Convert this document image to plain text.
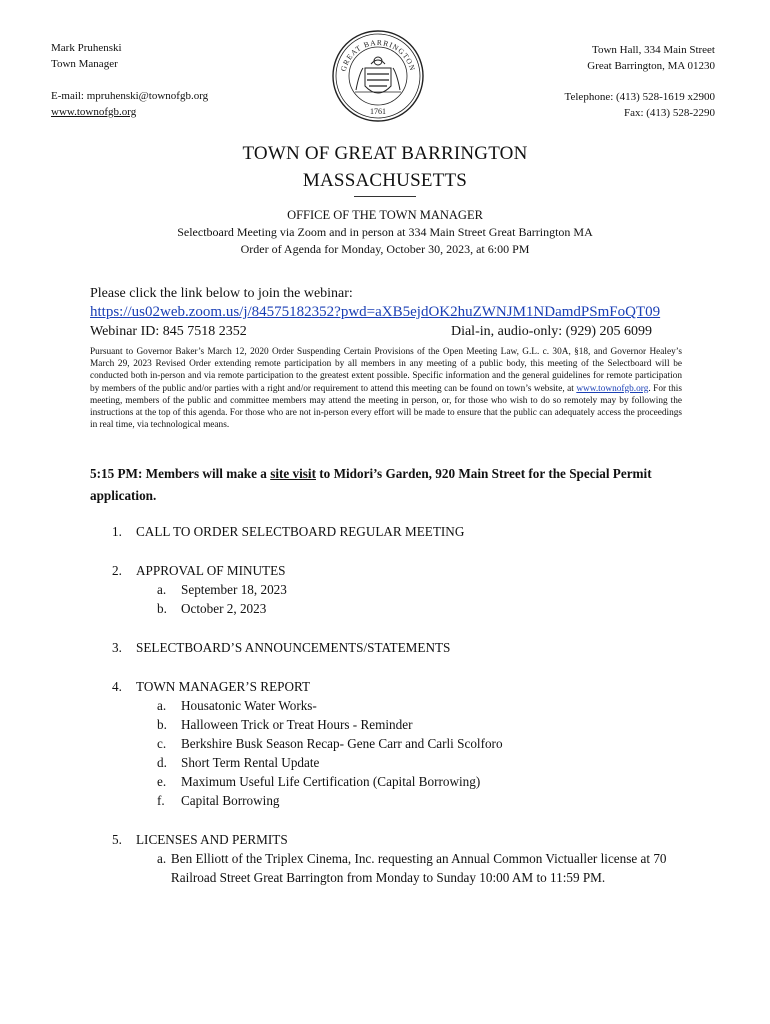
Mark Pruhenski
Town Manager
E-mail: mpruhenski@townofgb.org
www.townofgb.org
GREAT BARRINGTON
1761
Town Hall, 334 Main Street
Great Barrington, MA 01230
Telephone: (413) 528-1619 x2900
Fax: (413) 528-2290
TOWN OF GREAT BARRINGTON
MASSACHUSETTS
OFFICE OF THE TOWN MANAGER
Selectboard Meeting via Zoom and in person at 334 Main Street Great Barrington MA
Order of Agenda for Monday, October 30, 2023, at 6:00 PM
Please click the link below to join the webinar:
https://us02web.zoom.us/j/84575182352?pwd=aXB5ejdOK2huZWNJM1NDamdPSmFoQT09
Webinar ID: 845 7518 2352	Dial-in, audio-only: (929) 205 6099
Pursuant to Governor Baker’s March 12, 2020 Order Suspending Certain Provisions of the Open Meeting Law, G.L. c. 30A, §18, and Governor Healey’s March 29, 2023 Revised Order extending remote participation by all members in any meeting of a public body, this meeting of the Selectboard will be conducted both in-person and via remote participation to the greatest extent possible. Specific information and the general guidelines for remote participation by members of the public and/or parties with a right and/or requirement to attend this meeting can be found on town’s website, at www.townofgb.org. For this meeting, members of the public and committee members may attend the meeting in person, or, for those who wish to do so remotely may by following the instructions at the top of this agenda. For those who are not in-person every effort will be made to ensure that the public can adequately access the proceedings in real time, via technological means.
5:15 PM: Members will make a site visit to Midori’s Garden, 920 Main Street for the Special Permit application.
1.	CALL TO ORDER SELECTBOARD REGULAR MEETING
2.	APPROVAL OF MINUTES
a.	September 18, 2023
b.	October 2, 2023
3.	SELECTBOARD’S ANNOUNCEMENTS/STATEMENTS
4.	TOWN MANAGER’S REPORT
a.	Housatonic Water Works-
b.	Halloween Trick or Treat Hours - Reminder
c.	Berkshire Busk Season Recap- Gene Carr and Carli Scolforo
d.	Short Term Rental Update
e.	Maximum Useful Life Certification (Capital Borrowing)
f.	Capital Borrowing
5.	LICENSES AND PERMITS
a. Ben Elliott of the Triplex Cinema, Inc. requesting an Annual Common Victualler license at 70 Railroad Street Great Barrington from Monday to Sunday 10:00 AM to 11:59 PM.
